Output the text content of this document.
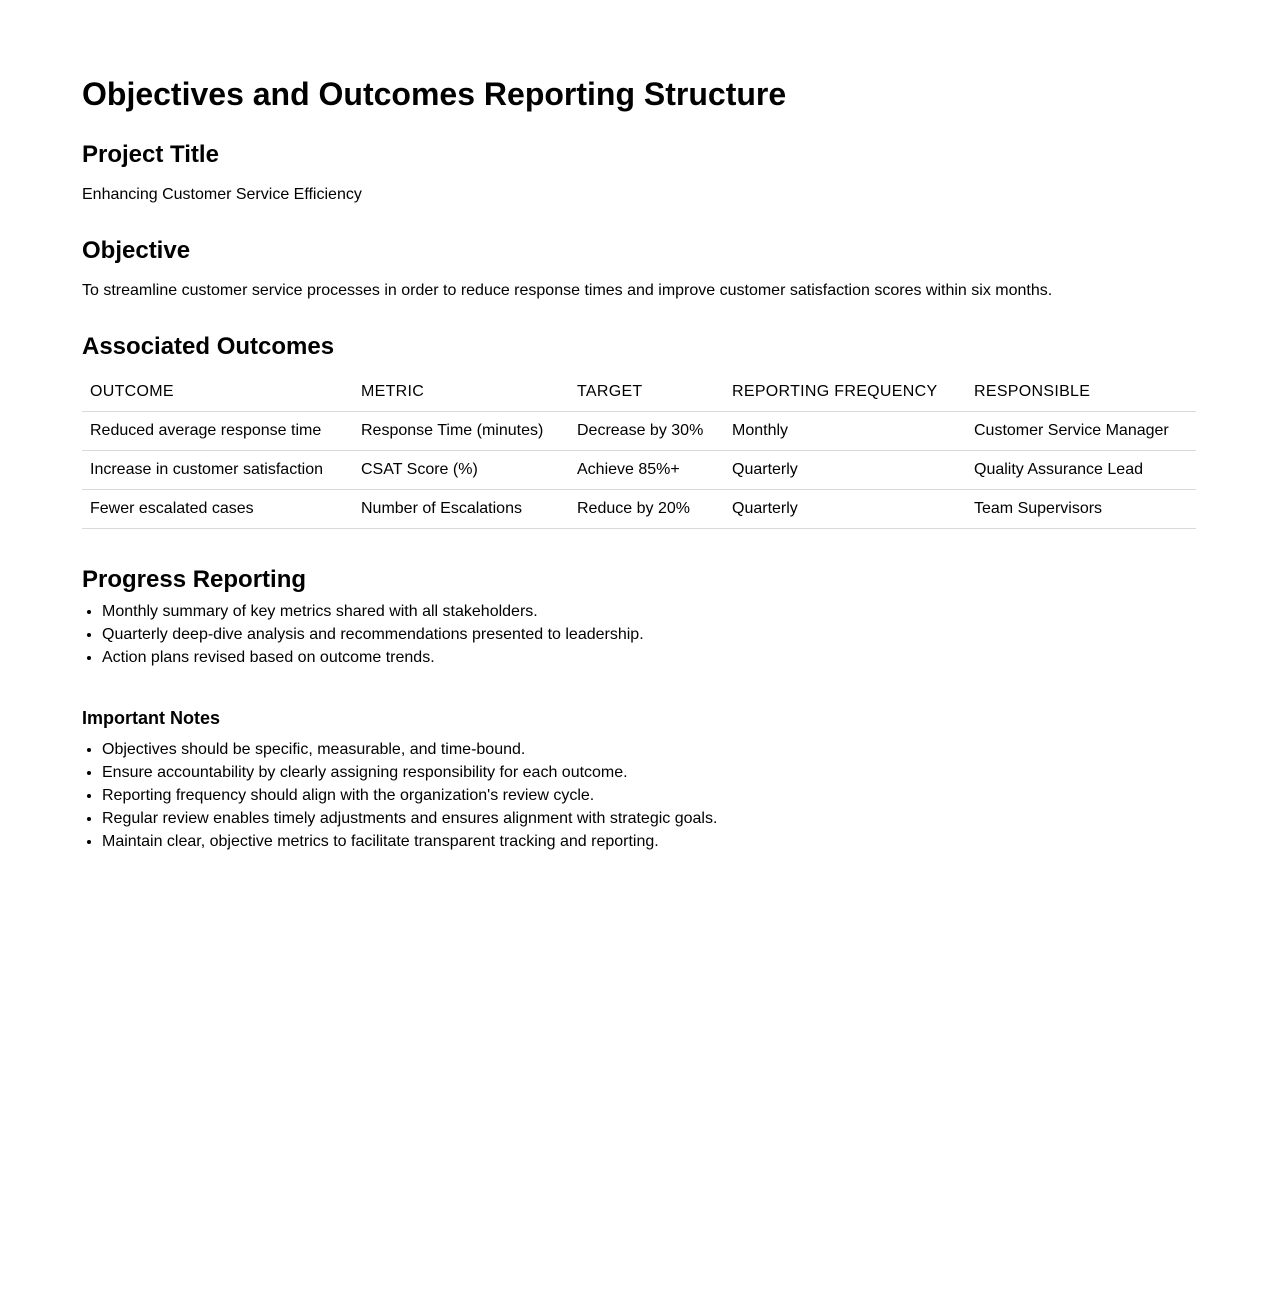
Objectives and Outcomes Reporting Structure
Project Title

Enhancing Customer Service Efficiency

Objective

To streamline customer service processes in order to reduce response times and improve customer satisfaction scores within six months.

Associated Outcomes
OUTCOME	METRIC	TARGET	REPORTING FREQUENCY	RESPONSIBLE
Reduced average response time	Response Time (minutes)	Decrease by 30%	Monthly	Customer Service Manager
Increase in customer satisfaction	CSAT Score (%)	Achieve 85%+	Quarterly	Quality Assurance Lead
Fewer escalated cases	Number of Escalations	Reduce by 20%	Quarterly	Team Supervisors
Progress Reporting
• Monthly summary of key metrics shared with all stakeholders.
• Quarterly deep-dive analysis and recommendations presented to leadership.
• Action plans revised based on outcome trends.
Important Notes
• Objectives should be specific, measurable, and time-bound.
• Ensure accountability by clearly assigning responsibility for each outcome.
• Reporting frequency should align with the organization's review cycle.
• Regular review enables timely adjustments and ensures alignment with strategic goals.
• Maintain clear, objective metrics to facilitate transparent tracking and reporting.
